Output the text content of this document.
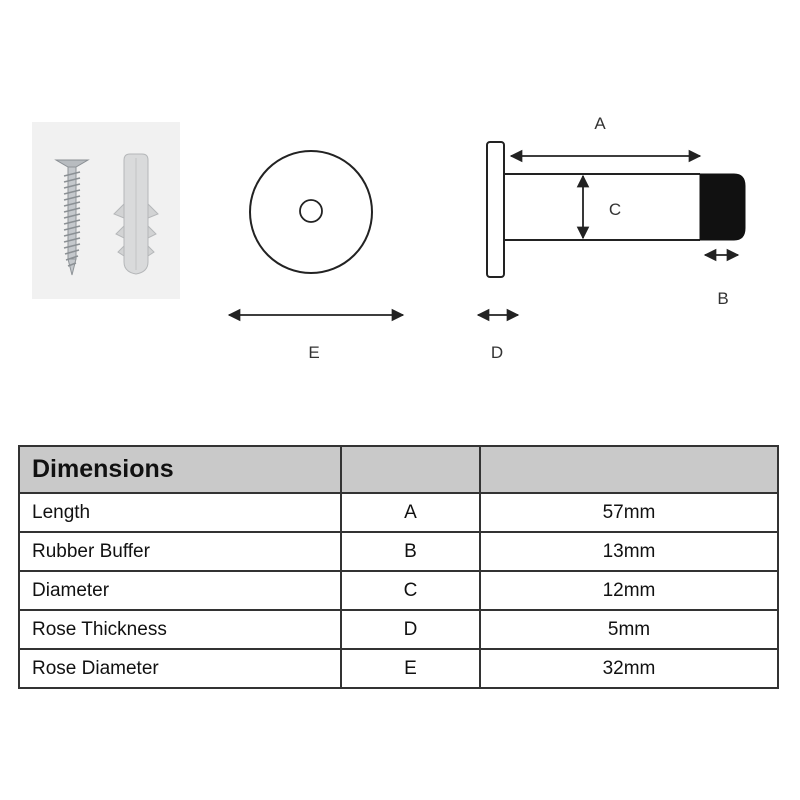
E
A
C
B
D
Dimensions		
Length	A	57mm
Rubber Buffer	B	13mm
Diameter	C	12mm
Rose Thickness	D	5mm
Rose Diameter	E	32mm
